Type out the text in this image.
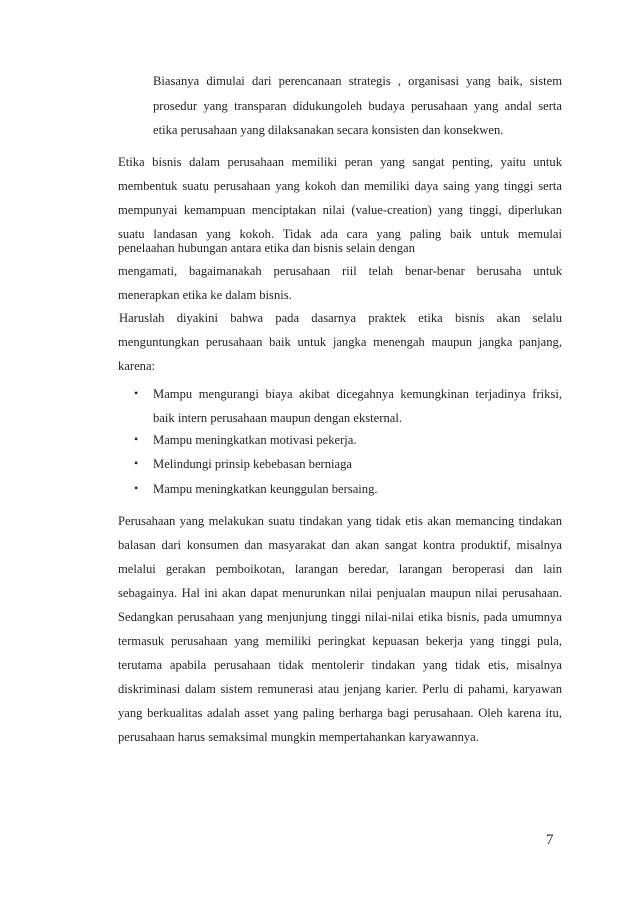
Biasanya dimulai dari perencanaan strategis , organisasi yang baik, sistem
prosedur yang transparan didukungoleh budaya perusahaan yang andal serta
etika perusahaan yang dilaksanakan secara konsisten dan konsekwen.
Etika bisnis dalam perusahaan memiliki peran yang sangat penting, yaitu untuk
membentuk suatu perusahaan yang kokoh dan memiliki daya saing yang tinggi serta
mempunyai kemampuan menciptakan nilai (value-creation) yang tinggi, diperlukan
suatu landasan yang kokoh. Tidak ada cara yang paling baik untuk memulai
penelaahan hubungan antara etika dan bisnis selain dengan
mengamati, bagaimanakah perusahaan riil telah benar-benar berusaha untuk
menerapkan etika ke dalam bisnis.
Haruslah diyakini bahwa pada dasarnya praktek etika bisnis akan selalu
menguntungkan perusahaan baik untuk jangka menengah maupun jangka panjang,
karena:
• Mampu mengurangi biaya akibat dicegahnya kemungkinan terjadinya friksi,
baik intern perusahaan maupun dengan eksternal.
• Mampu meningkatkan motivasi pekerja.
• Melindungi prinsip kebebasan berniaga
• Mampu meningkatkan keunggulan bersaing.
Perusahaan yang melakukan suatu tindakan yang tidak etis akan memancing tindakan
balasan dari konsumen dan masyarakat dan akan sangat kontra produktif, misalnya
melalui gerakan pemboikotan, larangan beredar, larangan beroperasi dan lain
sebagainya. Hal ini akan dapat menurunkan nilai penjualan maupun nilai perusahaan.
Sedangkan perusahaan yang menjunjung tinggi nilai-nilai etika bisnis, pada umumnya
termasuk perusahaan yang memiliki peringkat kepuasan bekerja yang tinggi pula,
terutama apabila perusahaan tidak mentolerir tindakan yang tidak etis, misalnya
diskriminasi dalam sistem remunerasi atau jenjang karier. Perlu di pahami, karyawan
yang berkualitas adalah asset yang paling berharga bagi perusahaan. Oleh karena itu,
perusahaan harus semaksimal mungkin mempertahankan karyawannya.
7
